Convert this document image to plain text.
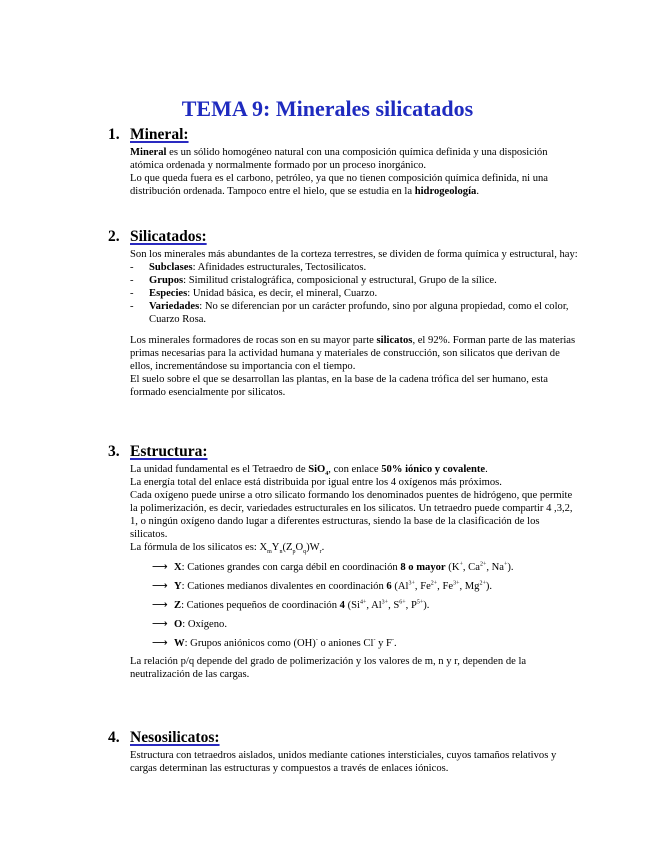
TEMA 9: Minerales silicatados
1. Mineral:

Mineral es un sólido homogéneo natural con una composición química definida y una disposición atómica ordenada y normalmente formado por un proceso inorgánico.

Lo que queda fuera es el carbono, petróleo, ya que no tienen composición química definida, ni una distribución ordenada. Tampoco entre el hielo, que se estudia en la hidrogeología.

2. Silicatados:

Son los minerales más abundantes de la corteza terrestres, se dividen de forma química y estructural, hay:

- Subclases: Afinidades estructurales, Tectosilicatos.
- Grupos: Similitud cristalográfica, composicional y estructural, Grupo de la sílice.
- Especies: Unidad básica, es decir, el mineral, Cuarzo.
- Variedades: No se diferencian por un carácter profundo, sino por alguna propiedad, como el color, Cuarzo Rosa.

Los minerales formadores de rocas son en su mayor parte silicatos, el 92%. Forman parte de las materias primas necesarias para la actividad humana y materiales de construcción, son silicatos que derivan de ellos, incrementándose su importancia con el tiempo.

El suelo sobre el que se desarrollan las plantas, en la base de la cadena trófica del ser humano, esta formado esencialmente por silicatos.

3. Estructura:

La unidad fundamental es el Tetraedro de SiO$_4$, con enlace 50% iónico y covalente.

La energía total del enlace está distribuida por igual entre los 4 oxígenos más próximos.

Cada oxígeno puede unirse a otro silicato formando los denominados puentes de hidrógeno, que permite la polimerización, es decir, variedades estructurales en los silicatos. Un tetraedro puede compartir 4 ,3,2, 1, o ningún oxígeno dando lugar a diferentes estructuras, siendo la base de la clasificación de los silicatos.

La fórmula de los silicatos es: $X_mY_n(Z_pO_q)W_r$.

⟶ X: Cationes grandes con carga débil en coordinación 8 o mayor (K+, $Ca^{2+}$, Na+).
⟶ Y: Cationes medianos divalentes en coordinación 6 ($Al^{3+}$, $Fe^{2+}$, $Fe^{3+}$, $Mg^{2+}$).
⟶ Z: Cationes pequeños de coordinación 4 ($Si^{4+}$, $Al^{3+}$, $S^{6+}$, $P^{5+}$).
⟶ O: Oxígeno.
⟶ W: Grupos aniónicos como (OH)- o aniones Cl- y F-.

La relación p/q depende del grado de polimerización y los valores de m, n y r, dependen de la neutralización de las cargas.

4. Nesosilicatos:

Estructura con tetraedros aislados, unidos mediante cationes intersticiales, cuyos tamaños relativos y cargas determinan las estructuras y compuestos a través de enlaces iónicos.
